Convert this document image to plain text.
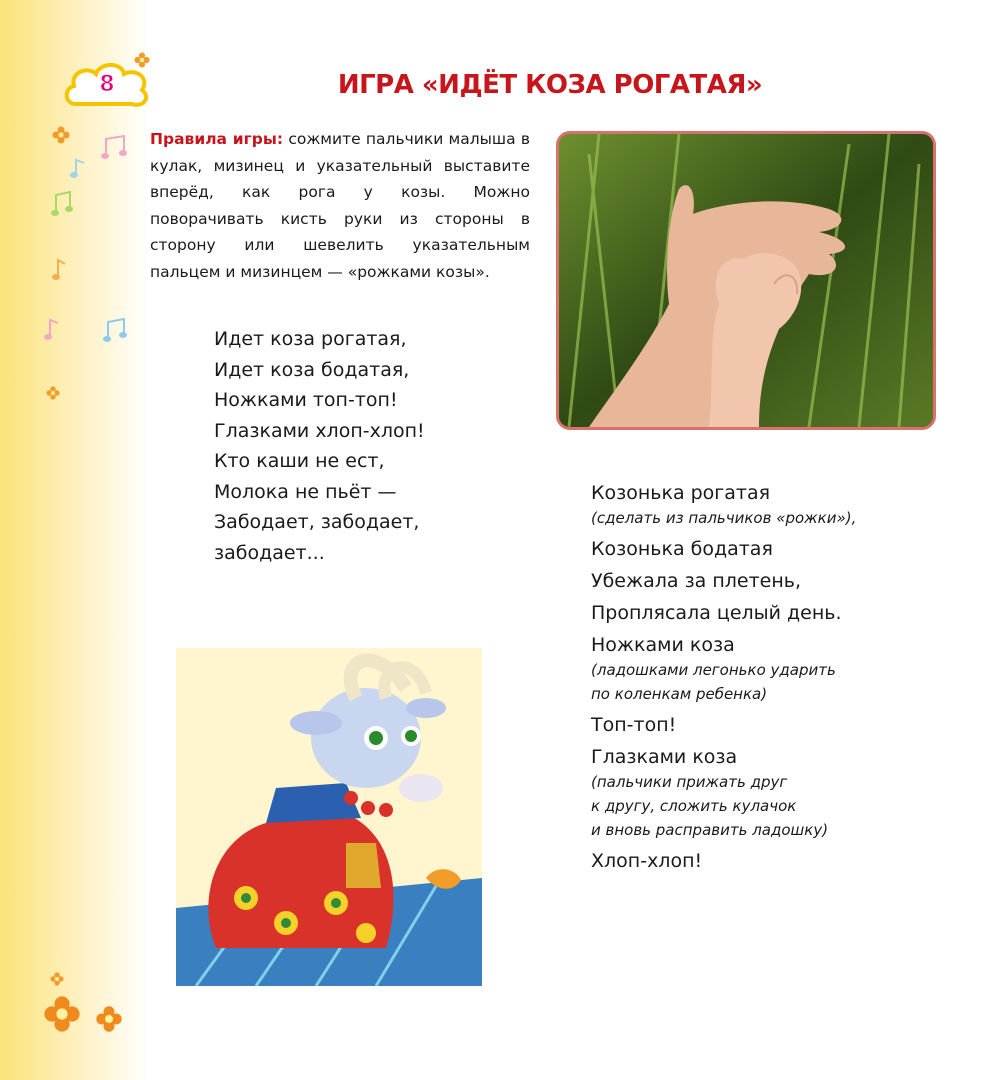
8	ИГРА «ИДЁТ КОЗА РОГАТАЯ»
Правила игры: сожмите пальчики малыша в кулак, мизинец и указательный выставите вперёд, как рога у козы. Можно поворачивать кисть руки из стороны в сторону или шевелить указательным пальцем и мизинцем — «рожками козы».
Идет коза рогатая,
Идет коза бодатая,
Ножками топ-топ!
Глазками хлоп-хлоп!
Кто каши не ест,
Молока не пьёт —
Забодает, забодает,
забодает...
Козонька рогатая
(сделать из пальчиков «рожки»),
Козонька бодатая
Убежала за плетень,
Проплясала целый день.
Ножками коза
(ладошками легонько ударить
по коленкам ребенка)
Топ-топ!
Глазками коза
(пальчики прижать друг
к другу, сложить кулачок
и вновь расправить ладошку)
Хлоп-хлоп!
